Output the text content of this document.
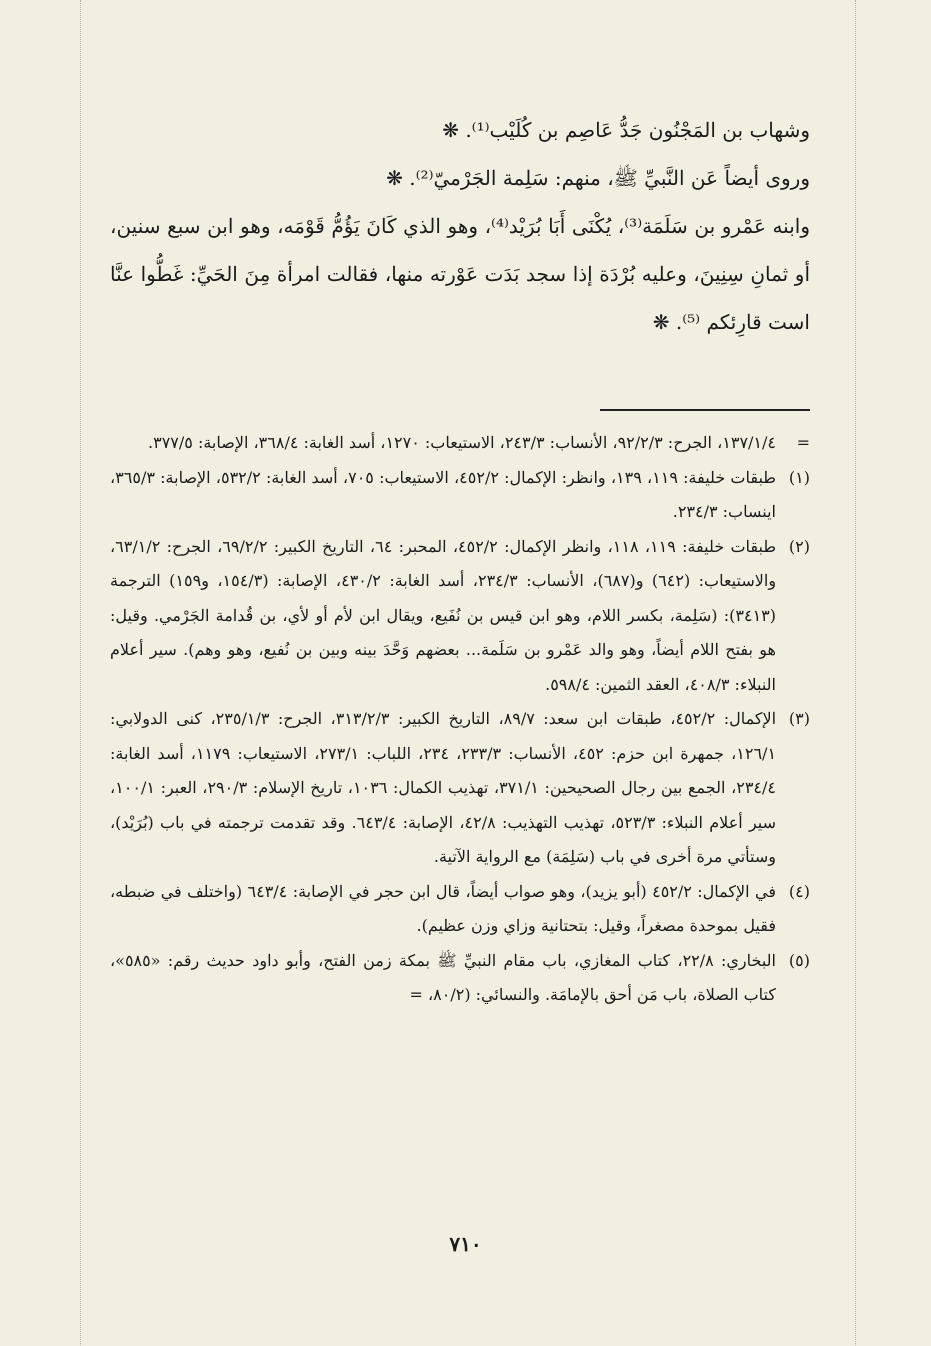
وشهاب بن المَجْنُون جَدُّ عَاصِم بن كُلَيْب⁽¹⁾. ❋

وروى أيضاً عَن النَّبيِّ ﷺ، منهم: سَلِمة الجَرْميّ⁽²⁾. ❋

وابنه عَمْرو بن سَلَمَة⁽³⁾، يُكْنَى أَبَا بُرَيْد⁽⁴⁾، وهو الذي كَانَ يَؤُمُّ قَوْمَه، وهو ابن سبع سنين، أو ثمانِ سِنِينَ، وعليه بُرْدَة إذا سجد بَدَت عَوْرته منها، فقالت امرأة مِنَ الحَيِّ: غَطُّوا عنَّا است قارِئكم ⁽⁵⁾. ❋

=
١٣٧/١/٤، الجرح: ٩٢/٢/٣، الأنساب: ٢٤٣/٣، الاستيعاب: ١٢٧٠، أسد الغابة: ٣٦٨/٤، الإصابة: ٣٧٧/٥.
(١)
طبقات خليفة: ١١٩، ١٣٩، وانظر: الإكمال: ٤٥٢/٢، الاستيعاب: ٧٠٥، أسد الغابة: ٥٣٢/٢، الإصابة: ٣٦٥/٣، اينساب: ٢٣٤/٣.
(٢)
طبقات خليفة: ١١٩، ١١٨، وانظر الإكمال: ٤٥٢/٢، المحبر: ٦٤، التاريخ الكبير: ٦٩/٢/٢، الجرح: ٦٣/١/٢، والاستيعاب: (٦٤٢) و(٦٨٧)، الأنساب: ٢٣٤/٣، أسد الغابة: ٤٣٠/٢، الإصابة: (١٥٤/٣، و١٥٩) الترجمة (٣٤١٣): (سَلِمة، بكسر اللام، وهو ابن قيس بن نُفَيع، ويقال ابن لأم أو لأي، بن قُدامة الجَرْمي. وقيل: هو بفتح اللام أيضاً، وهو والد عَمْرو بن سَلَمة... بعضهم وَحَّدَ بينه وبين بن نُفيع، وهو وهم). سير أعلام النبلاء: ٤٠٨/٣، العقد الثمين: ٥٩٨/٤.
(٣)
الإكمال: ٤٥٢/٢، طبقات ابن سعد: ٨٩/٧، التاريخ الكبير: ٣١٣/٢/٣، الجرح: ٢٣٥/١/٣، كنى الدولابي: ١٢٦/١، جمهرة ابن حزم: ٤٥٢، الأنساب: ٢٣٣/٣، ٢٣٤، اللباب: ٢٧٣/١، الاستيعاب: ١١٧٩، أسد الغابة: ٢٣٤/٤، الجمع بين رجال الصحيحين: ٣٧١/١، تهذيب الكمال: ١٠٣٦، تاريخ الإسلام: ٢٩٠/٣، العبر: ١٠٠/١، سير أعلام النبلاء: ٥٢٣/٣، تهذيب التهذيب: ٤٢/٨، الإصابة: ٦٤٣/٤. وقد تقدمت ترجمته في باب (بُرَيْد)، وستأتي مرة أخرى في باب (سَلِمَة) مع الرواية الآتية.
(٤)
في الإكمال: ٤٥٢/٢ (أبو يزيد)، وهو صواب أيضاً، قال ابن حجر في الإصابة: ٦٤٣/٤ (واختلف في ضبطه، فقيل بموحدة مصغراً، وقيل: بتحتانية وزاي وزن عظيم).
(٥)
البخاري: ٢٢/٨، كتاب المغازي، باب مقام النبيِّ ﷺ بمكة زمن الفتح، وأبو داود حديث رقم: «٥٨٥»، كتاب الصلاة، باب مَن أحق بالإمامَة. والنسائي: (٨٠/٢، =
٧١٠
